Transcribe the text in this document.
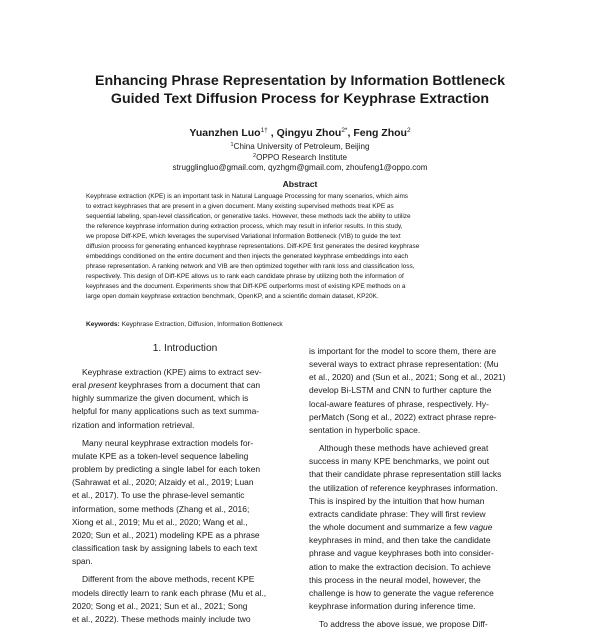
Enhancing Phrase Representation by Information Bottleneck
Guided Text Diffusion Process for Keyphrase Extraction
Yuanzhen Luo$^{1\dagger}$ , Qingyu Zhou$^{2*}$, Feng Zhou$^2$
$^1$China University of Petroleum, Beijing
$^2$OPPO Research Institute
strugglingluo@gmail.com, qyzhgm@gmail.com, zhoufeng1@oppo.com
Abstract
Keyphrase extraction (KPE) is an important task in Natural Language Processing for many scenarios, which aims
to extract keyphrases that are present in a given document. Many existing supervised methods treat KPE as
sequential labeling, span-level classification, or generative tasks. However, these methods lack the ability to utilize
the reference keyphrase information during extraction process, which may result in inferior results. In this study,
we propose Diff-KPE, which leverages the supervised Variational Information Bottleneck (VIB) to guide the text
diffusion process for generating enhanced keyphrase representations. Diff-KPE first generates the desired keyphrase
embeddings conditioned on the entire document and then injects the generated keyphrase embeddings into each
phrase representation. A ranking network and VIB are then optimized together with rank loss and classification loss,
respectively. This design of Diff-KPE allows us to rank each candidate phrase by utilizing both the information of
keyphrases and the document. Experiments show that Diff-KPE outperforms most of existing KPE methods on a
large open domain keyphrase extraction benchmark, OpenKP, and a scientific domain dataset, KP20K.
Keywords: Keyphrase Extraction, Diffusion, Information Bottleneck
1. Introduction
Keyphrase extraction (KPE) aims to extract sev-
eral present keyphrases from a document that can
highly summarize the given document, which is
helpful for many applications such as text summa-
rization and information retrieval.
Many neural keyphrase extraction models for-
mulate KPE as a token-level sequence labeling
problem by predicting a single label for each token
(Sahrawat et al., 2020; Alzaidy et al., 2019; Luan
et al., 2017). To use the phrase-level semantic
information, some methods (Zhang et al., 2016;
Xiong et al., 2019; Mu et al., 2020; Wang et al.,
2020; Sun et al., 2021) modeling KPE as a phrase
classification task by assigning labels to each text
span.
Different from the above methods, recent KPE
models directly learn to rank each phrase (Mu et al.,
2020; Song et al., 2021; Sun et al., 2021; Song
et al., 2022). These methods mainly include two
is important for the model to score them, there are
several ways to extract phrase representation: (Mu
et al., 2020) and (Sun et al., 2021; Song et al., 2021)
develop Bi-LSTM and CNN to further capture the
local-aware features of phrase, respectively. Hy-
perMatch (Song et al., 2022) extract phrase repre-
sentation in hyperbolic space.
Although these methods have achieved great
success in many KPE benchmarks, we point out
that their candidate phrase representation still lacks
the utilization of reference keyphrases information.
This is inspired by the intuition that how human
extracts candidate phrase: They will first review
the whole document and summarize a few vague
keyphrases in mind, and then take the candidate
phrase and vague keyphrases both into consider-
ation to make the extraction decision. To achieve
this process in the neural model, however, the
challenge is how to generate the vague reference
keyphrase information during inference time.
To address the above issue, we propose Diff-
